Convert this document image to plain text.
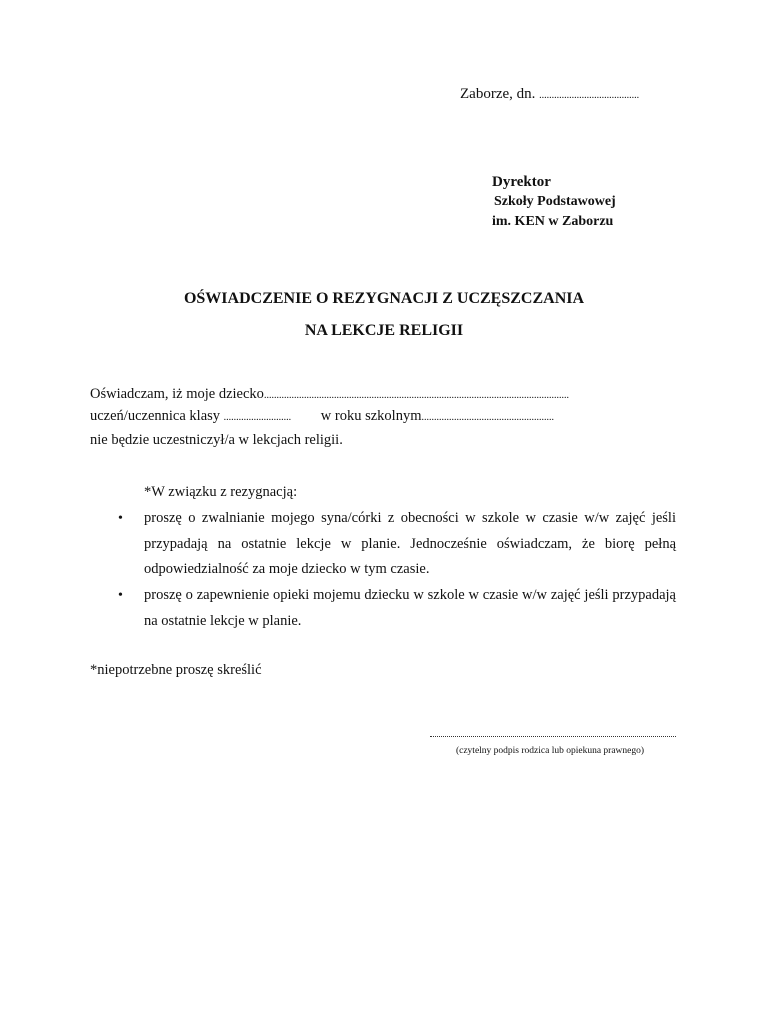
Zaborze, dn. ........................................
Dyrektor
Szkoły Podstawowej
im. KEN w Zaborzu
OŚWIADCZENIE O REZYGNACJI Z UCZĘSZCZANIA
NA LEKCJE RELIGII
Oświadczam, iż moje dziecko..........................................................................................................................
uczeń/uczennica klasy ........................... w roku szkolnym.....................................................
nie będzie uczestniczył/a w lekcjach religii.
*W związku z rezygnacją:
• proszę o zwalnianie mojego syna/córki z obecności w szkole w czasie w/w zajęć jeśli przypadają na ostatnie lekcje w planie. Jednocześnie oświadczam, że biorę pełną odpowiedzialność za moje dziecko w tym czasie.
• proszę o zapewnienie opieki mojemu dziecku w szkole w czasie w/w zajęć jeśli przypadają na ostatnie lekcje w planie.
*niepotrzebne proszę skreślić
(czytelny podpis rodzica lub opiekuna prawnego)
